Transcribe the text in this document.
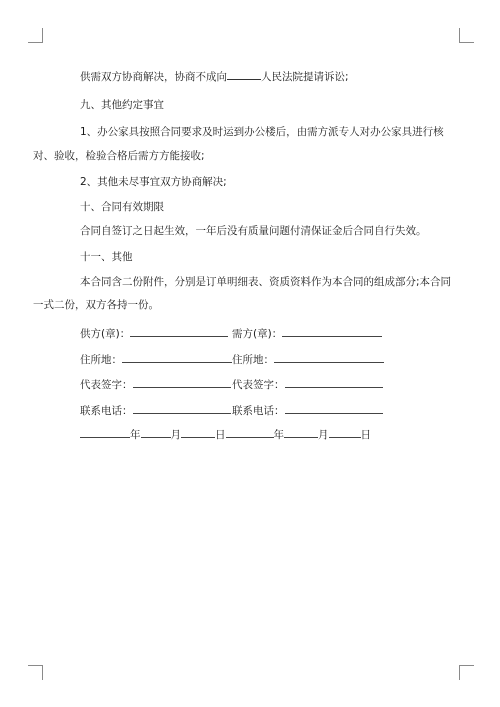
供需双方协商解决，协商不成向	人民法院提请诉讼;
九、其他约定事宜
1、办公家具按照合同要求及时运到办公楼后，由需方派专人对办公家具进行核
对、验收，检验合格后需方方能接收;
2、其他未尽事宜双方协商解决;
十、合同有效期限
合同自签订之日起生效，一年后没有质量问题付清保证金后合同自行失效。
十一、其他
本合同含二份附件，分别是订单明细表、资质资料作为本合同的组成部分;本合同
一式二份，双方各持一份。
供方(章)：	需方(章)：
住所地：	住所地：
代表签字：	代表签字：
联系电话：	联系电话：
年	月	日	年	月	日
